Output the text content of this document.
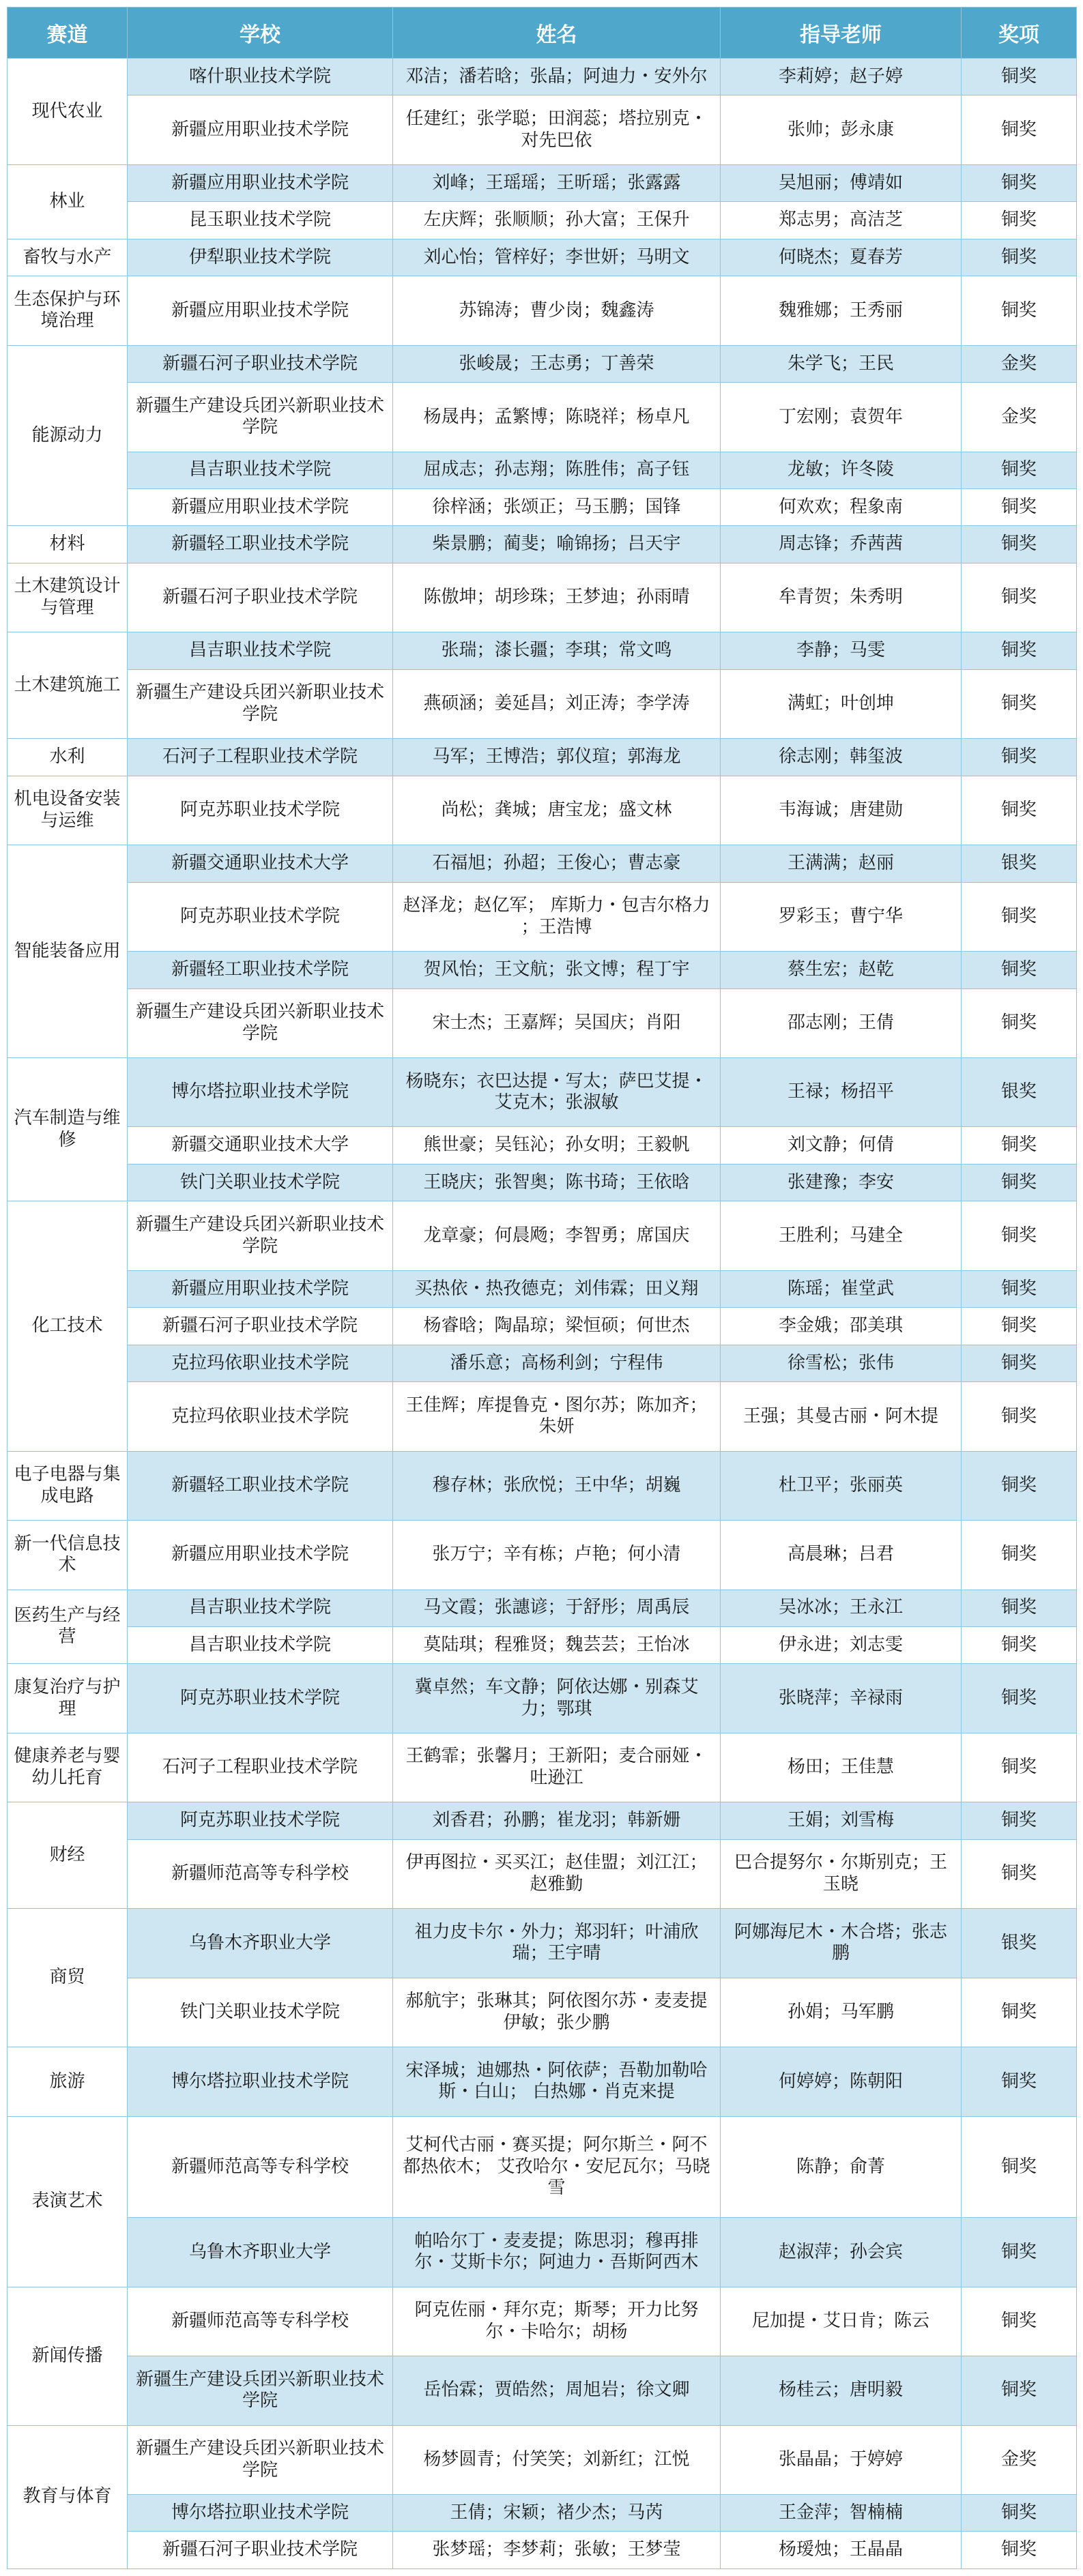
赛道	学校	姓名	指导老师	奖项
现代农业	喀什职业技术学院	邓洁；潘若晗；张晶；阿迪力・安外尔	李莉婷；赵子婷	铜奖
	新疆应用职业技术学院	任建红；张学聪；田润蕊；塔拉别克・对先巴依	张帅；彭永康	铜奖
林业	新疆应用职业技术学院	刘峰；王瑶瑶；王昕瑶；张露露	吴旭丽；傅靖如	铜奖
	昆玉职业技术学院	左庆辉；张顺顺；孙大富；王保升	郑志男；高洁芝	铜奖
畜牧与水产	伊犁职业技术学院	刘心怡；管梓好；李世妍；马明文	何晓杰；夏春芳	铜奖
生态保护与环境治理	新疆应用职业技术学院	苏锦涛；曹少岗；魏鑫涛	魏雅娜；王秀丽	铜奖
能源动力	新疆石河子职业技术学院	张峻晟；王志勇；丁善荣	朱学飞；王民	金奖
	新疆生产建设兵团兴新职业技术学院	杨晟冉；孟繁博；陈晓祥；杨卓凡	丁宏刚；袁贺年	金奖
	昌吉职业技术学院	屈成志；孙志翔；陈胜伟；高子钰	龙敏；许冬陵	铜奖
	新疆应用职业技术学院	徐梓涵；张颂正；马玉鹏；国锋	何欢欢；程象南	铜奖
材料	新疆轻工职业技术学院	柴景鹏；蔺斐；喻锦扬；吕天宇	周志锋；乔茜茜	铜奖
土木建筑设计与管理	新疆石河子职业技术学院	陈傲坤；胡珍珠；王梦迪；孙雨晴	牟青贺；朱秀明	铜奖
土木建筑施工	昌吉职业技术学院	张瑞；漆长疆；李琪；常文鸣	李静；马雯	铜奖
	新疆生产建设兵团兴新职业技术学院	燕硕涵；姜延昌；刘正涛；李学涛	满虹；叶创坤	铜奖
水利	石河子工程职业技术学院	马军；王博浩；郭仪瑄；郭海龙	徐志刚；韩玺波	铜奖
机电设备安装与运维	阿克苏职业技术学院	尚松；龚城；唐宝龙；盛文林	韦海诚；唐建勋	铜奖
智能装备应用	新疆交通职业技术大学	石福旭；孙超；王俊心；曹志豪	王满满；赵丽	银奖
	阿克苏职业技术学院	赵泽龙；赵亿军； 库斯力・包吉尔格力 ；王浩博	罗彩玉；曹宁华	铜奖
	新疆轻工职业技术学院	贺风怡；王文航；张文博；程丁宇	蔡生宏；赵乾	铜奖
	新疆生产建设兵团兴新职业技术学院	宋士杰；王嘉辉；吴国庆；肖阳	邵志刚；王倩	铜奖
汽车制造与维修	博尔塔拉职业技术学院	杨晓东；衣巴达提・写太；萨巴艾提・艾克木；张淑敏	王禄；杨招平	银奖
	新疆交通职业技术大学	熊世豪；吴钰沁；孙女明；王毅帆	刘文静；何倩	铜奖
	铁门关职业技术学院	王晓庆；张智奥；陈书琦；王依晗	张建豫；李安	铜奖
化工技术	新疆生产建设兵团兴新职业技术学院	龙章豪；何晨飏；李智勇；席国庆	王胜利；马建全	铜奖
	新疆应用职业技术学院	买热依・热孜德克；刘伟霖；田义翔	陈瑶；崔堂武	铜奖
	新疆石河子职业技术学院	杨睿晗；陶晶琼；梁恒硕；何世杰	李金娥；邵美琪	铜奖
	克拉玛依职业技术学院	潘乐意；高杨利剑；宁程伟	徐雪松；张伟	铜奖
	克拉玛依职业技术学院	王佳辉；库提鲁克・图尔苏；陈加齐；朱妍	王强；其曼古丽・阿木提	铜奖
电子电器与集成电路	新疆轻工职业技术学院	穆存林；张欣悦；王中华；胡巍	杜卫平；张丽英	铜奖
新一代信息技术	新疆应用职业技术学院	张万宁；辛有栋；卢艳；何小清	高晨琳；吕君	铜奖
医药生产与经营	昌吉职业技术学院	马文霞；张譓谚；于舒彤；周禹辰	吴冰冰；王永江	铜奖
	昌吉职业技术学院	莫陆琪；程雅贤；魏芸芸；王怡冰	伊永进；刘志雯	铜奖
康复治疗与护理	阿克苏职业技术学院	冀卓然；车文静；阿依达娜・别森艾力；鄂琪	张晓萍；辛禄雨	铜奖
健康养老与婴幼儿托育	石河子工程职业技术学院	王鹤霏；张馨月；王新阳；麦合丽娅・吐逊江	杨田；王佳慧	铜奖
财经	阿克苏职业技术学院	刘香君；孙鹏；崔龙羽；韩新姗	王娟；刘雪梅	铜奖
	新疆师范高等专科学校	伊再图拉・买买江；赵佳盟；刘江江；赵雅勤	巴合提努尔・尔斯别克；王玉晓	铜奖
商贸	乌鲁木齐职业大学	祖力皮卡尔・外力；郑羽轩；叶浦欣瑞；王宇晴	阿娜海尼木・木合塔；张志鹏	银奖
	铁门关职业技术学院	郝航宇；张琳其；阿依图尔苏・麦麦提伊敏；张少鹏	孙娟；马军鹏	铜奖
旅游	博尔塔拉职业技术学院	宋泽城；迪娜热・阿依萨；吾勒加勒哈斯・白山； 白热娜・肖克来提	何婷婷；陈朝阳	铜奖
表演艺术	新疆师范高等专科学校	艾柯代古丽・赛买提；阿尔斯兰・阿不都热依木； 艾孜哈尔・安尼瓦尔；马晓雪	陈静；俞菁	铜奖
	乌鲁木齐职业大学	帕哈尔丁・麦麦提；陈思羽；穆再排尔・艾斯卡尔；阿迪力・吾斯阿西木	赵淑萍；孙会宾	铜奖
新闻传播	新疆师范高等专科学校	阿克佐丽・拜尔克；斯琴；开力比努尔・卡哈尔；胡杨	尼加提・艾日肯；陈云	铜奖
	新疆生产建设兵团兴新职业技术学院	岳怡霖；贾皓然；周旭岩；徐文卿	杨桂云；唐明毅	铜奖
教育与体育	新疆生产建设兵团兴新职业技术学院	杨梦圆青；付笑笑；刘新红；江悦	张晶晶；于婷婷	金奖
	博尔塔拉职业技术学院	王倩；宋颖；褚少杰；马芮	王金萍；智楠楠	铜奖
	新疆石河子职业技术学院	张梦瑶；李梦莉；张敏；王梦莹	杨瑷烛；王晶晶	铜奖
